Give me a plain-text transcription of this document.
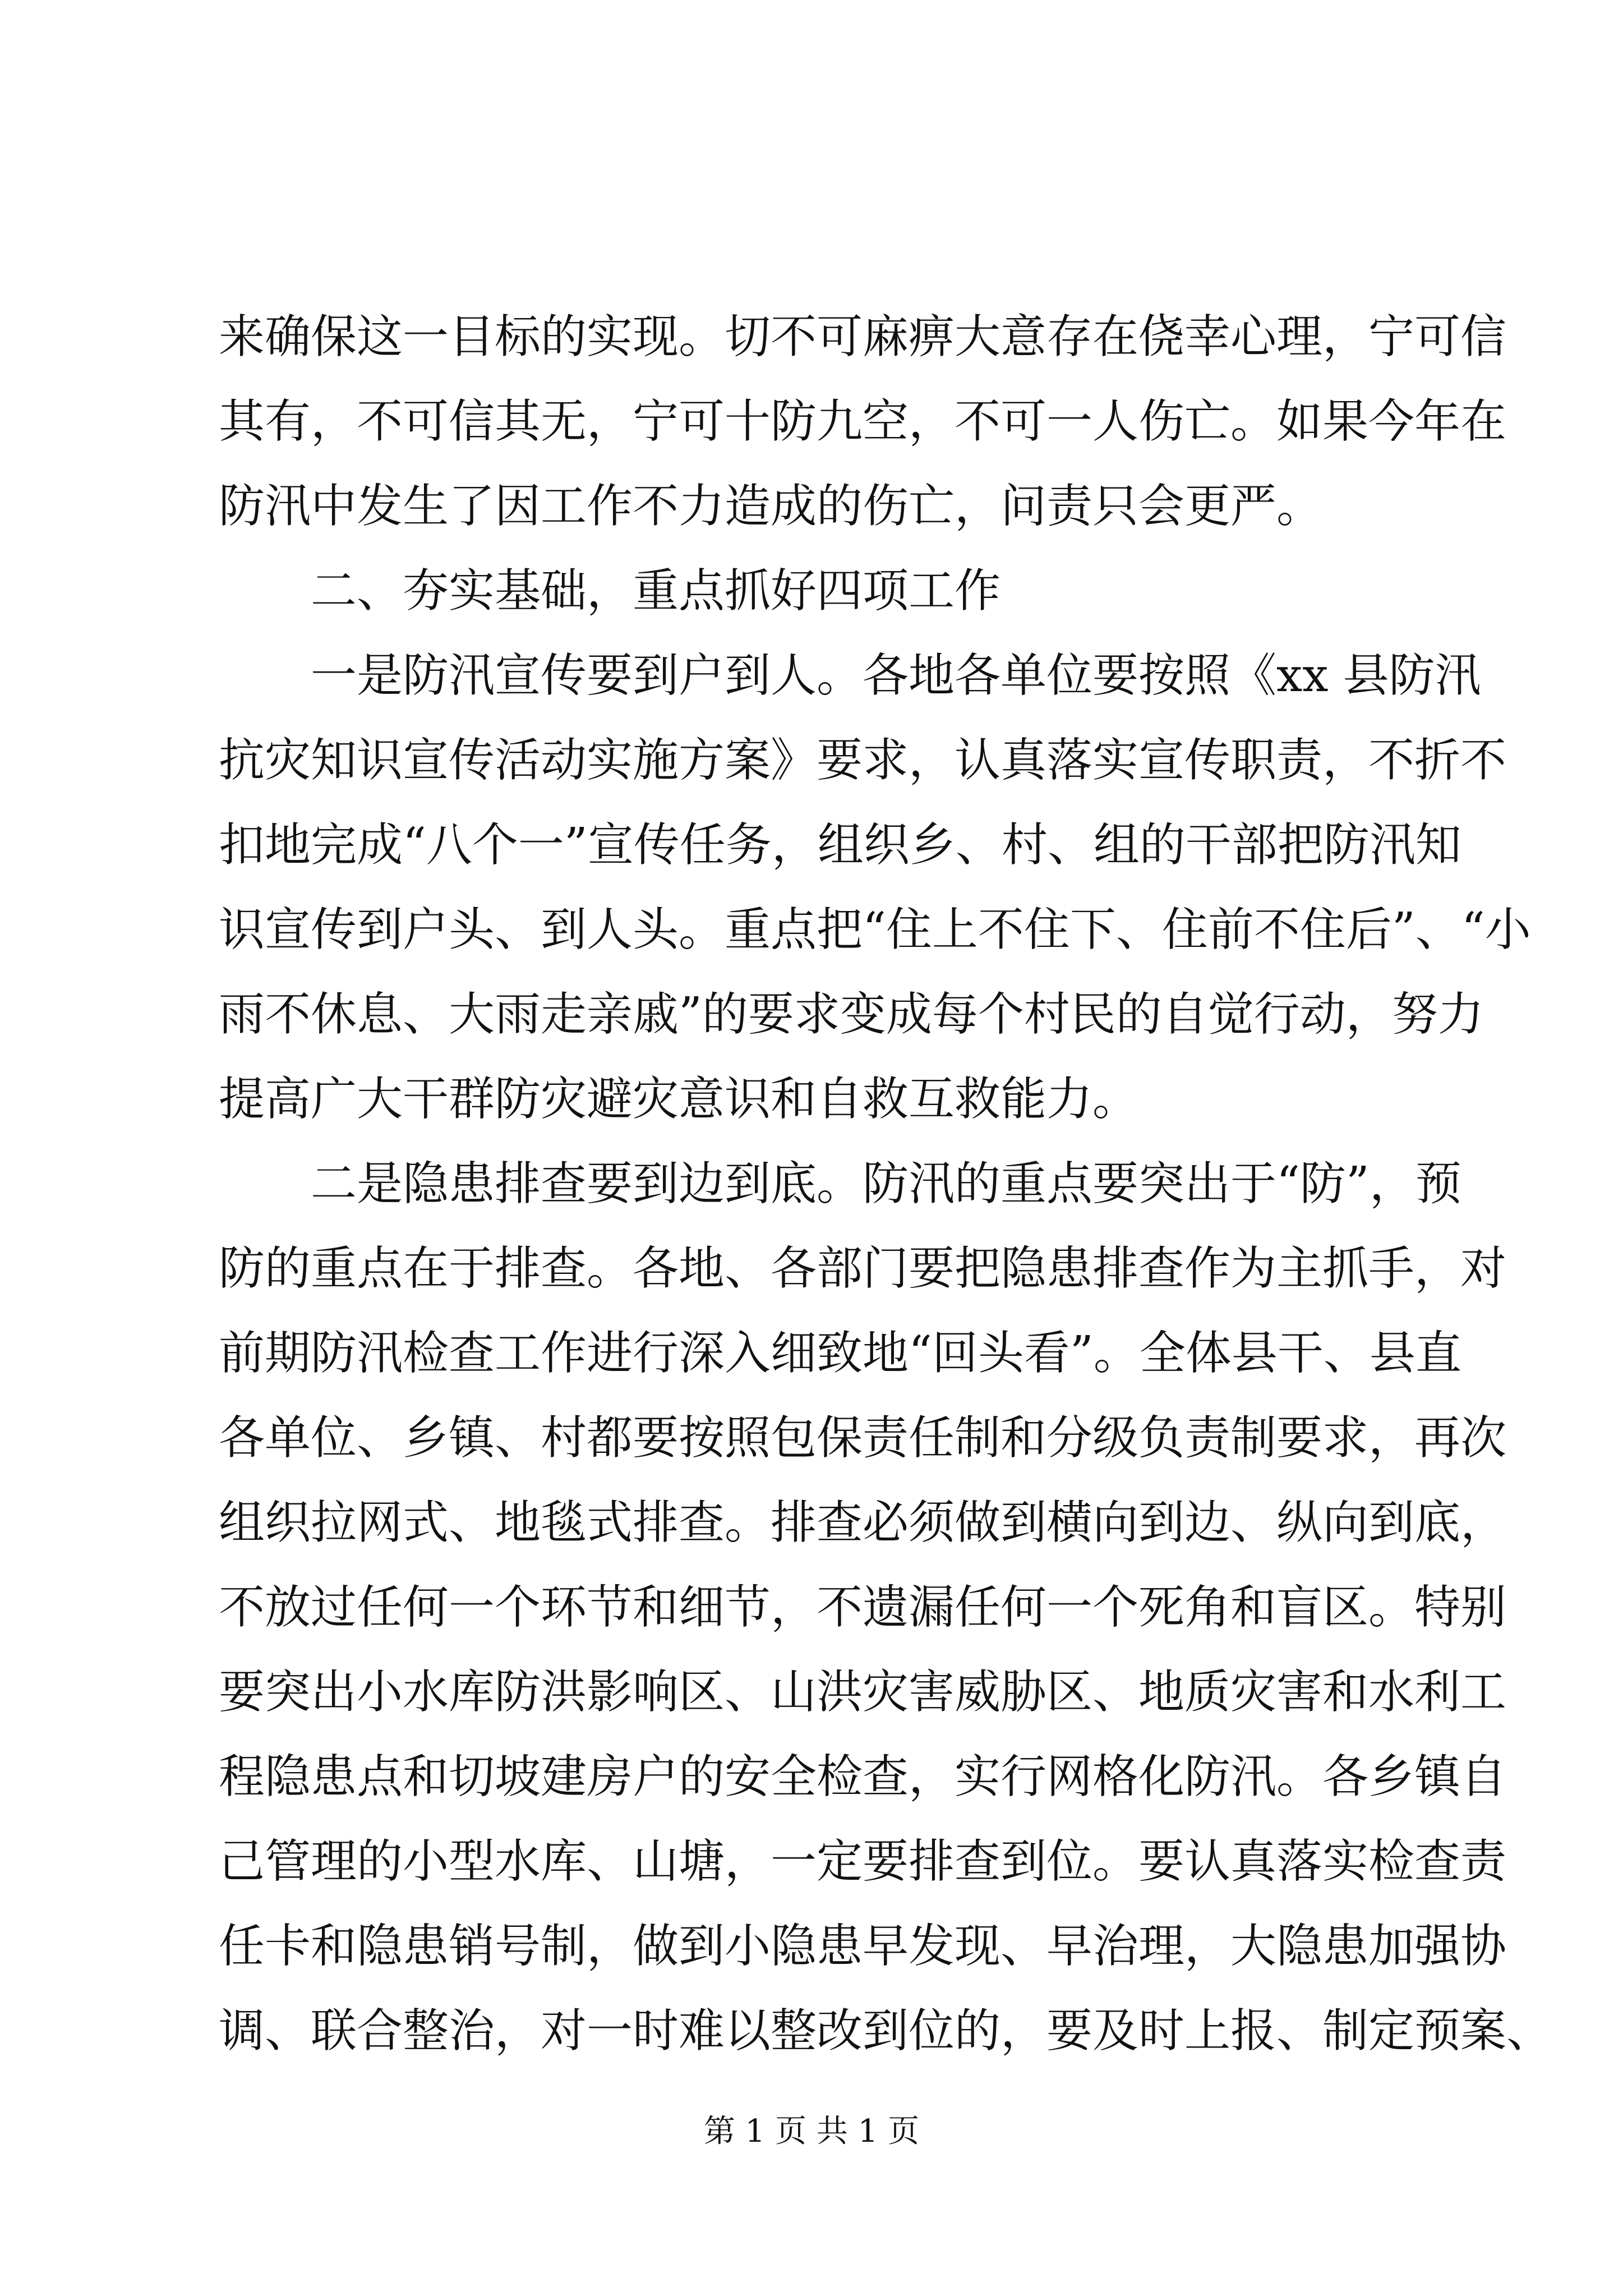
来确保这一目标的实现。切不可麻痹大意存在侥幸心理，宁可信
其有，不可信其无，宁可十防九空，不可一人伤亡。如果今年在
防汛中发生了因工作不力造成的伤亡，问责只会更严。
二、夯实基础，重点抓好四项工作
一是防汛宣传要到户到人。各地各单位要按照《xx 县防汛
抗灾知识宣传活动实施方案》要求，认真落实宣传职责，不折不
扣地完成“八个一”宣传任务，组织乡、村、组的干部把防汛知
识宣传到户头、到人头。重点把“住上不住下、住前不住后”、“小
雨不休息、大雨走亲戚”的要求变成每个村民的自觉行动，努力
提高广大干群防灾避灾意识和自救互救能力。
二是隐患排查要到边到底。防汛的重点要突出于“防”，预
防的重点在于排查。各地、各部门要把隐患排查作为主抓手，对
前期防汛检查工作进行深入细致地“回头看”。全体县干、县直
各单位、乡镇、村都要按照包保责任制和分级负责制要求，再次
组织拉网式、地毯式排查。排查必须做到横向到边、纵向到底，
不放过任何一个环节和细节，不遗漏任何一个死角和盲区。特别
要突出小水库防洪影响区、山洪灾害威胁区、地质灾害和水利工
程隐患点和切坡建房户的安全检查，实行网格化防汛。各乡镇自
己管理的小型水库、山塘，一定要排查到位。要认真落实检查责
任卡和隐患销号制，做到小隐患早发现、早治理，大隐患加强协
调、联合整治，对一时难以整改到位的，要及时上报、制定预案、
第 1 页 共 1 页
